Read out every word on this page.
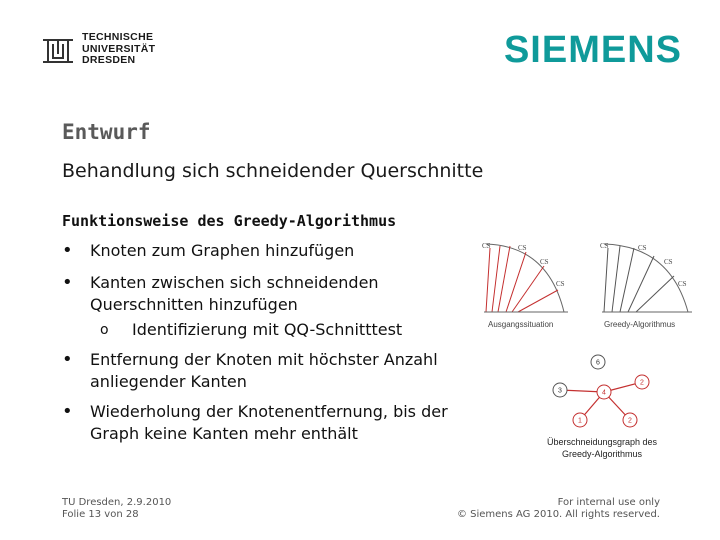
TECHNISCHE
UNIVERSITÄT
DRESDEN	SIEMENS
Entwurf
Behandlung sich schneidender Querschnitte
Funktionsweise des Greedy-Algorithmus
• Knoten zum Graphen hinzufügen
• Kanten zwischen sich schneidenden
Querschnitten hinzufügen
o Identifizierung mit QQ-Schnitttest
• Entfernung der Knoten mit höchster Anzahl
anliegender Kanten
• Wiederholung der Knotenentfernung, bis der
Graph keine Kanten mehr enthält
CS	CS
CS
CS
Ausgangssituation
CS	CS
CS
CS
Greedy-Algorithmus
6
3	4
2
1	2
Überschneidungsgraph des
Greedy-Algorithmus
TU Dresden, 2.9.2010
Folie 13 von 28
For internal use only
© Siemens AG 2010. All rights reserved.
